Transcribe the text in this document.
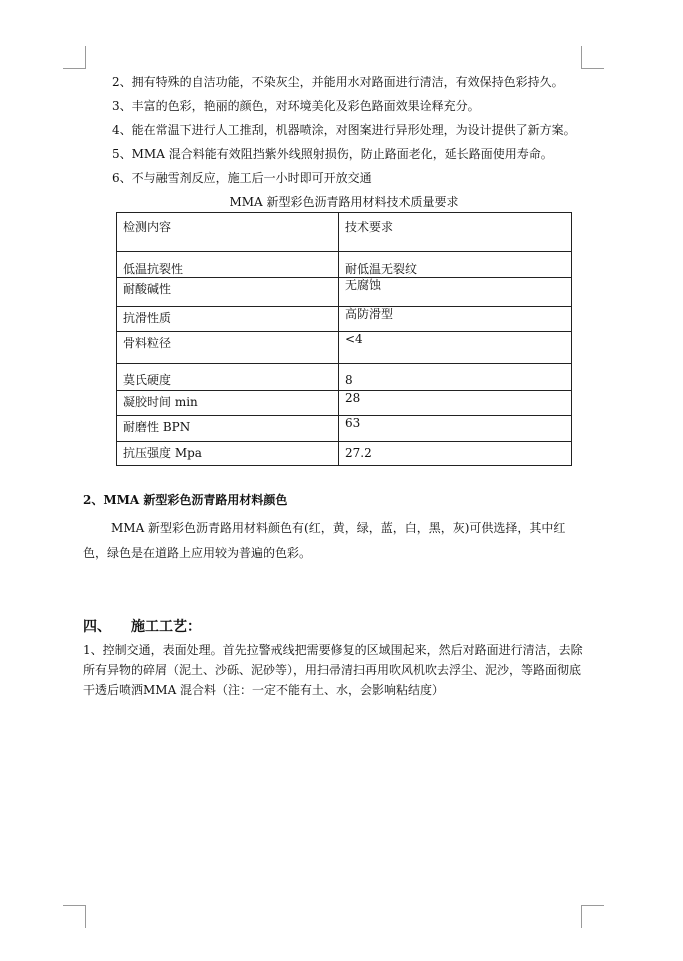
2、拥有特殊的自洁功能，不染灰尘，并能用水对路面进行清洁，有效保持色彩持久。
3、丰富的色彩，艳丽的颜色，对环境美化及彩色路面效果诠释充分。
4、能在常温下进行人工推刮，机器喷涂，对图案进行异形处理，为设计提供了新方案。
5、MMA 混合料能有效阻挡紫外线照射损伤，防止路面老化，延长路面使用寿命。
6、不与融雪剂反应，施工后一小时即可开放交通
MMA 新型彩色沥青路用材料技术质量要求
检测内容	技术要求
低温抗裂性	耐低温无裂纹

耐酸碱性	无腐蚀

抗滑性质	高防滑型

骨料粒径	<4

莫氏硬度	8

凝胶时间 min	28

耐磨性 BPN	63

抗压强度 Mpa	27.2
2、MMA 新型彩色沥青路用材料颜色
MMA 新型彩色沥青路用材料颜色有(红，黄，绿，蓝，白，黑，灰)可供选择，其中红色，绿色是在道路上应用较为普遍的色彩。
四、 施工工艺：
1、控制交通，表面处理。首先拉警戒线把需要修复的区域围起来，然后对路面进行清洁，去除所有异物的碎屑（泥土、沙砾、泥砂等），用扫帚清扫再用吹风机吹去浮尘、泥沙，等路面彻底干透后喷洒MMA 混合料（注：一定不能有土、水，会影响粘结度）
